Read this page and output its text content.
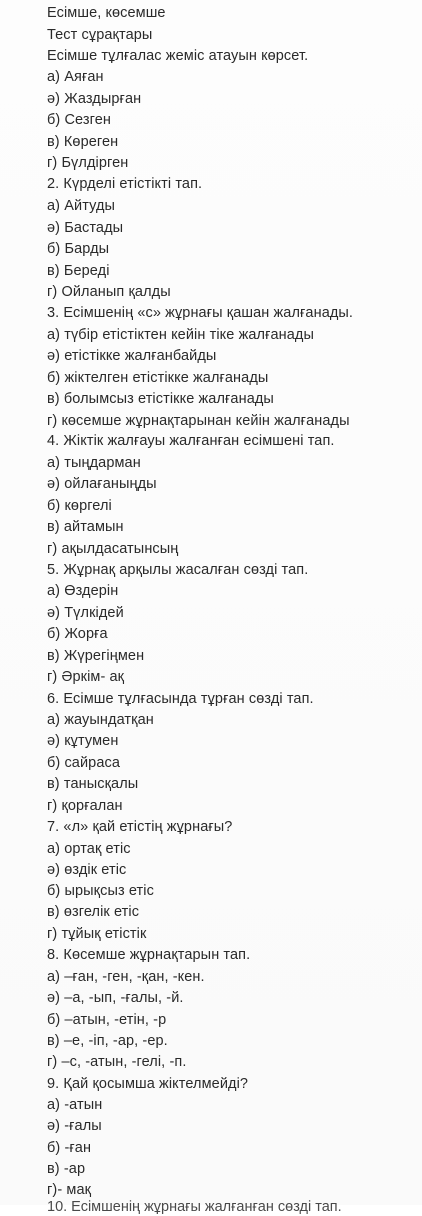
Есімше, көсемше
Тест сұрақтары
Есімше тұлғалас жеміс атауын көрсет.
а) Аяған
ә) Жаздырған
б) Сезген
в) Көреген
г) Бүлдірген
2. Күрделі етістікті тап.
а) Айтуды
ә) Бастады
б) Барды
в) Береді
г) Ойланып қалды
3. Есімшенің «с» жұрнағы қашан жалғанады.
а) түбір етістіктен кейін тіке жалғанады
ә) етістікке жалғанбайды
б) жіктелген етістікке жалғанады
в) болымсыз етістікке жалғанады
г) көсемше жұрнақтарынан кейін жалғанады
4. Жіктік жалғауы жалғанған есімшені тап.
а) тыңдарман
ә) ойлағаныңды
б) көргелі
в) айтамын
г) ақылдасатынсың
5. Жұрнақ арқылы жасалған сөзді тап.
а) Өздерін
ә) Түлкідей
б) Жорға
в) Жүрегіңмен
г) Әркім- ақ
6. Есімше тұлғасында тұрған сөзді тап.
а) жауындатқан
ә) кұтумен
б) сайраса
в) танысқалы
г) қорғалан
7. «л» қай етістің жұрнағы?
а) ортақ етіс
ә) өздік етіс
б) ырықсыз етіс
в) өзгелік етіс
г) тұйық етістік
8. Көсемше жұрнақтарын тап.
а) –ған, -ген, -қан, -кен.
ә) –а, -ып, -ғалы, -й.
б) –атын, -етін, -р
в) –е, -іп, -ар, -ер.
г) –с, -атын, -гелі, -п.
9. Қай қосымша жіктелмейді?
а) -атын
ә) -ғалы
б) -ған
в) -ар
г)- мақ
10. Есімшенің жұрнағы жалғанған сөзді тап.
